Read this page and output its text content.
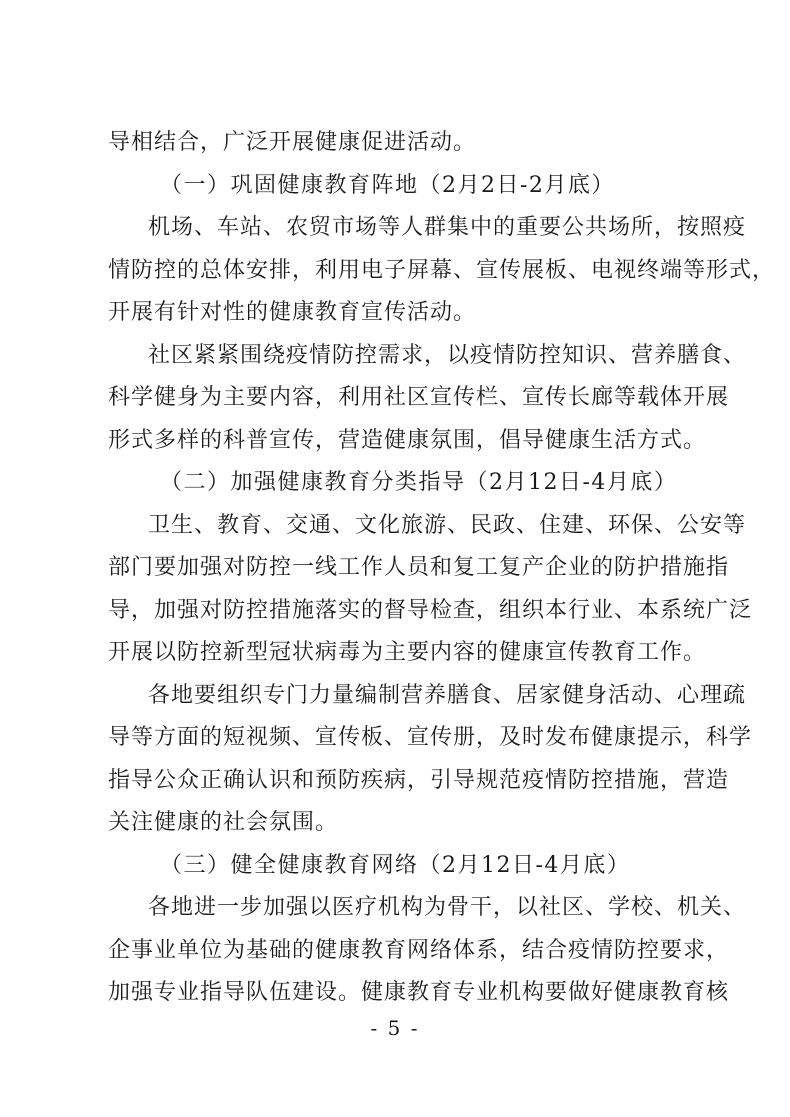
导相结合，广泛开展健康促进活动。
（一）巩固健康教育阵地（2月2日-2月底）
机场、车站、农贸市场等人群集中的重要公共场所，按照疫
情防控的总体安排，利用电子屏幕、宣传展板、电视终端等形式，
开展有针对性的健康教育宣传活动。
社区紧紧围绕疫情防控需求，以疫情防控知识、营养膳食、
科学健身为主要内容，利用社区宣传栏、宣传长廊等载体开展
形式多样的科普宣传，营造健康氛围，倡导健康生活方式。
（二）加强健康教育分类指导（2月12日-4月底）
卫生、教育、交通、文化旅游、民政、住建、环保、公安等
部门要加强对防控一线工作人员和复工复产企业的防护措施指
导，加强对防控措施落实的督导检查，组织本行业、本系统广泛
开展以防控新型冠状病毒为主要内容的健康宣传教育工作。
各地要组织专门力量编制营养膳食、居家健身活动、心理疏
导等方面的短视频、宣传板、宣传册，及时发布健康提示，科学
指导公众正确认识和预防疾病，引导规范疫情防控措施，营造
关注健康的社会氛围。
（三）健全健康教育网络（2月12日-4月底）
各地进一步加强以医疗机构为骨干，以社区、学校、机关、
企事业单位为基础的健康教育网络体系，结合疫情防控要求，
- 5 -
加强专业指导队伍建设。健康教育专业机构要做好健康教育核
